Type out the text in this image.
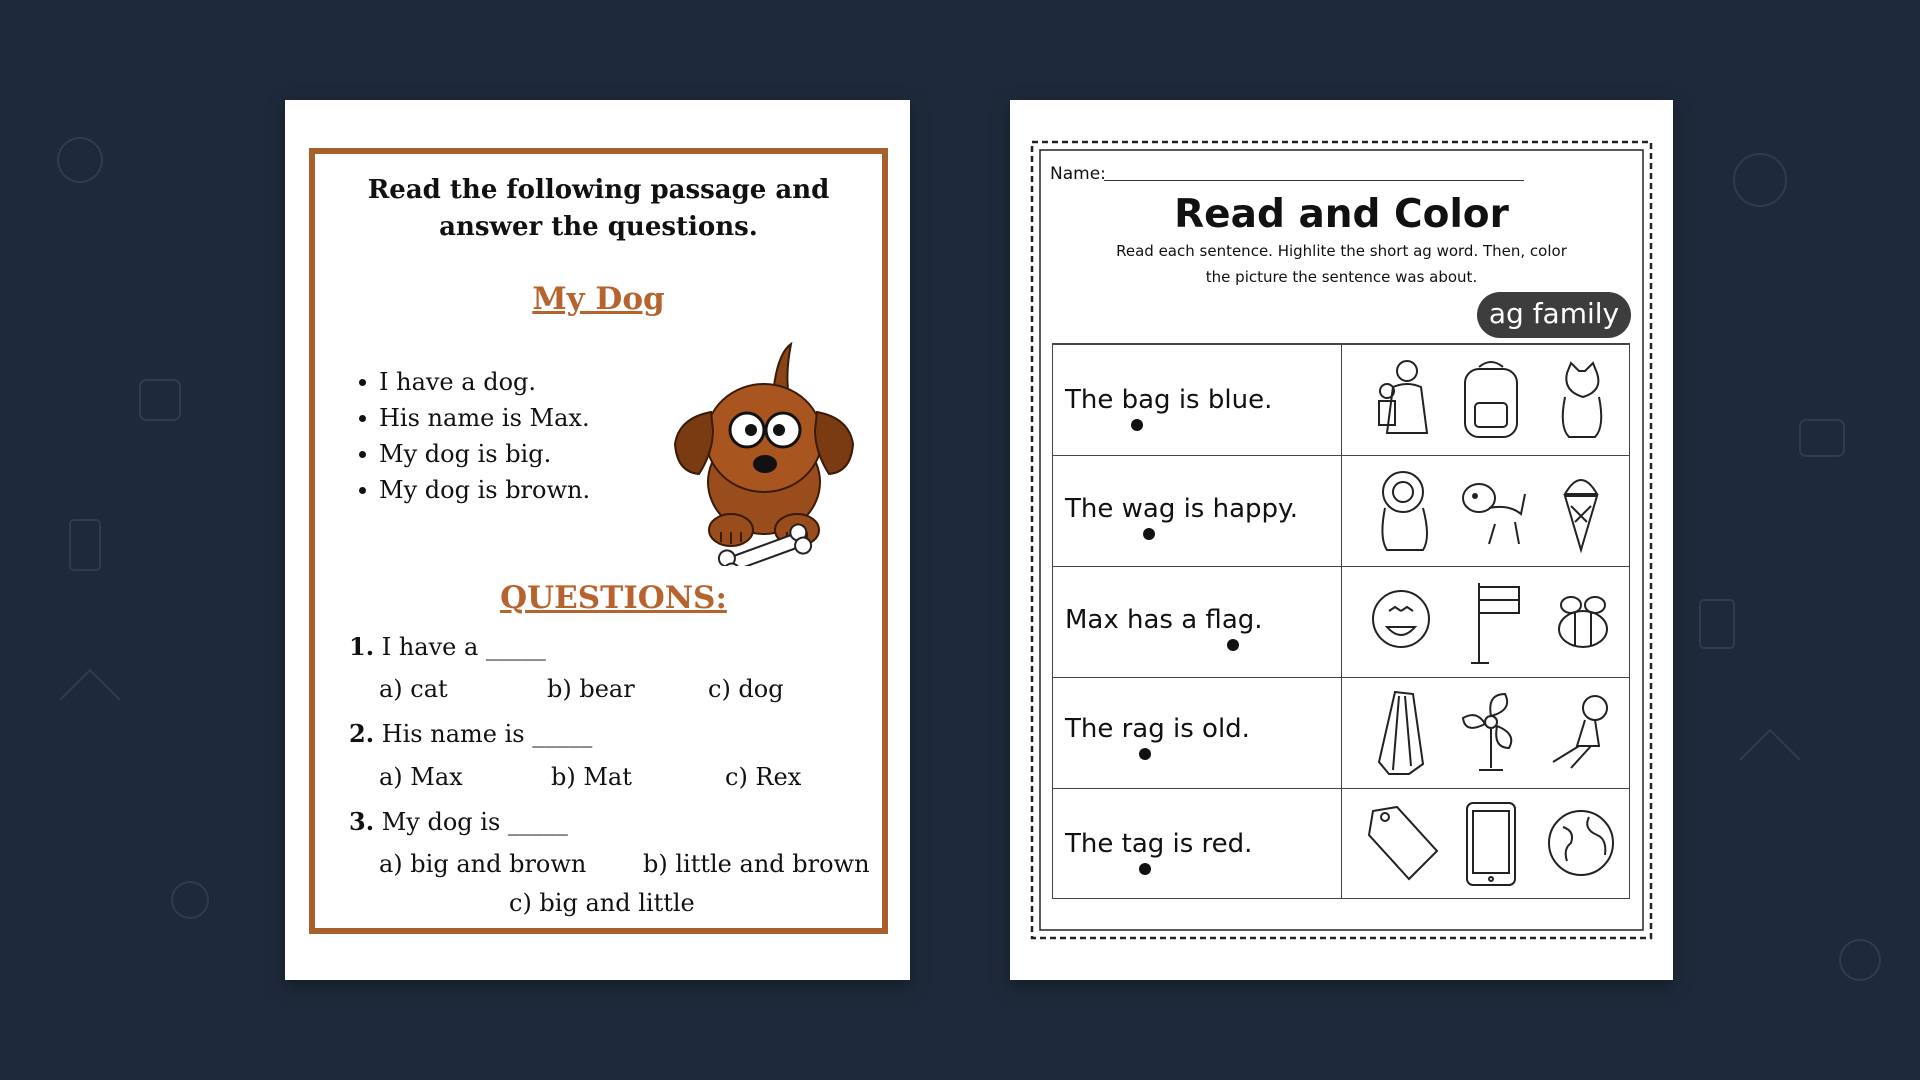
Read the following passage and answer the questions.
My Dog
I have a dog.
His name is Max.
My dog is big.
My dog is brown.
QUESTIONS:
1. I have a _____
a) cat	b) bear	c) dog
2. His name is _____
a) Max	b) Mat	c) Rex
3. My dog is _____
a) big and brown b) little and brown
c) big and little
Name:
Read and Color
Read each sentence. Highlite the short ag word. Then, color
the picture the sentence was about.
ag family
The bag is blue.
The wag is happy.
Max has a flag.
The rag is old.
The tag is red.
